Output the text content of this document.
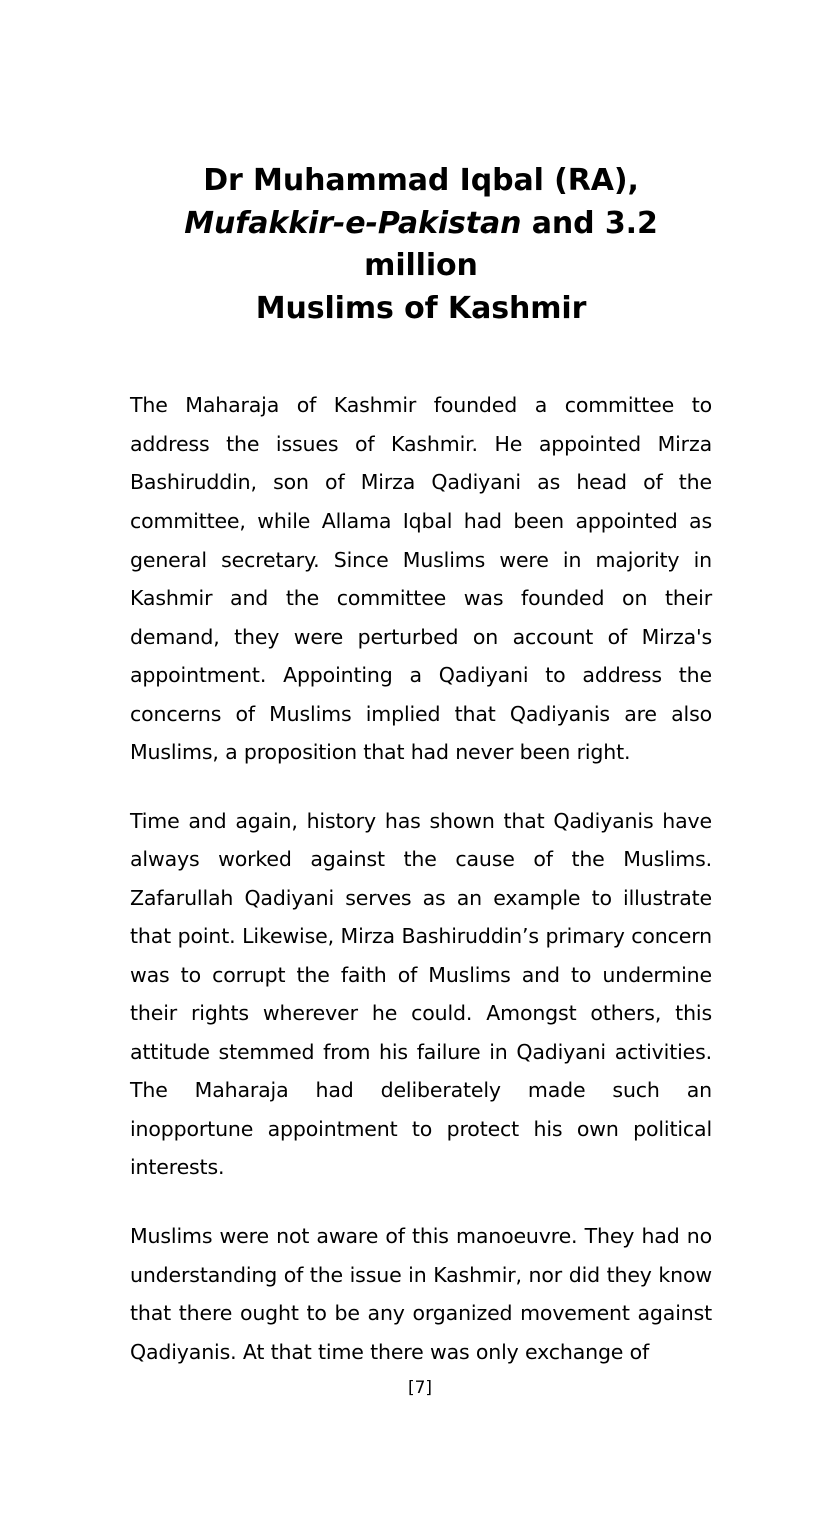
Dr Muhammad Iqbal (RA),
Mufakkir-e-Pakistan and 3.2 million
Muslims of Kashmir

The Maharaja of Kashmir founded a committee to address the issues of Kashmir. He appointed Mirza Bashiruddin, son of Mirza Qadiyani as head of the committee, while Allama Iqbal had been appointed as general secretary. Since Muslims were in majority in Kashmir and the committee was founded on their demand, they were perturbed on account of Mirza's appointment. Appointing a Qadiyani to address the concerns of Muslims implied that Qadiyanis are also Muslims, a proposition that had never been right.

Time and again, history has shown that Qadiyanis have always worked against the cause of the Muslims. Zafarullah Qadiyani serves as an example to illustrate that point. Likewise, Mirza Bashiruddin’s primary concern was to corrupt the faith of Muslims and to undermine their rights wherever he could. Amongst others, this attitude stemmed from his failure in Qadiyani activities. The Maharaja had deliberately made such an inopportune appointment to protect his own political interests.

Muslims were not aware of this manoeuvre. They had no understanding of the issue in Kashmir, nor did they know that there ought to be any organized movement against Qadiyanis. At that time there was only exchange of

[7]
